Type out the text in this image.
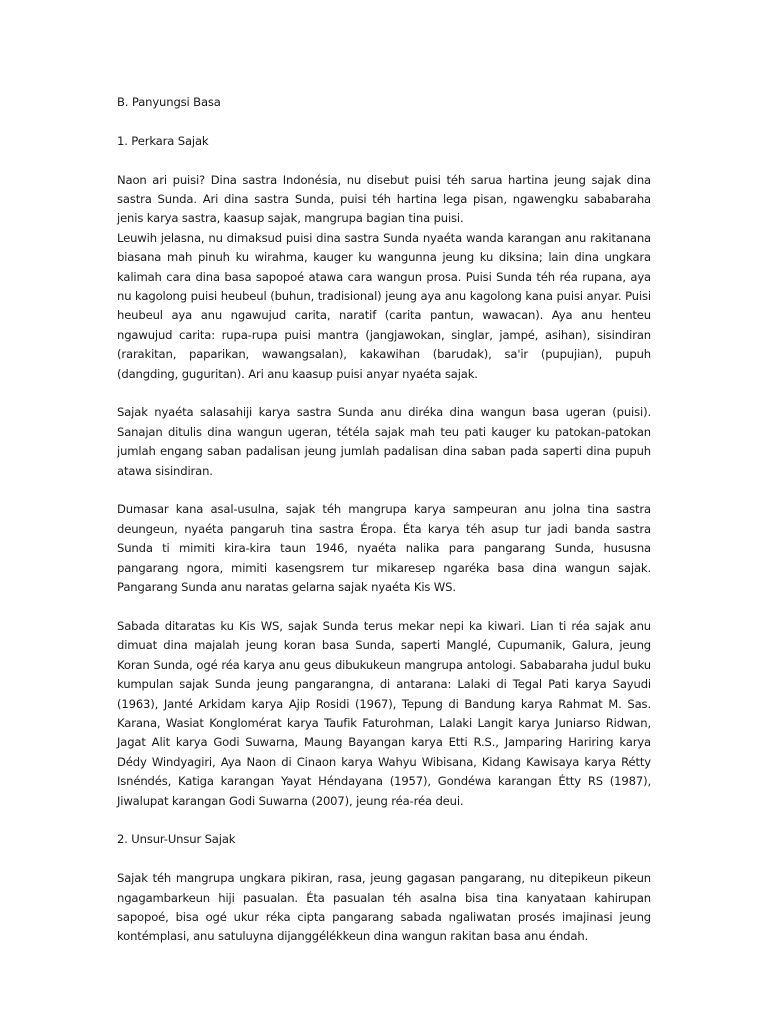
B. Panyungsi Basa
1. Perkara Sajak
Naon ari puisi? Dina sastra Indonésia, nu disebut puisi téh sarua hartina jeung sajak dina sastra Sunda. Ari dina sastra Sunda, puisi téh hartina lega pisan, ngawengku sababaraha jenis karya sastra, kaasup sajak, mangrupa bagian tina puisi.
Leuwih jelasna, nu dimaksud puisi dina sastra Sunda nyaéta wanda karangan anu rakitanana biasana mah pinuh ku wirahma, kauger ku wangunna jeung ku diksina; lain dina ungkara kalimah cara dina basa sapopoé atawa cara wangun prosa. Puisi Sunda téh réa rupana, aya nu kagolong puisi heubeul (buhun, tradisional) jeung aya anu kagolong kana puisi anyar. Puisi heubeul aya anu ngawujud carita, naratif (carita pantun, wawacan). Aya anu henteu ngawujud carita: rupa-rupa puisi mantra (jangjawokan, singlar, jampé, asihan), sisindiran (rarakitan, paparikan, wawangsalan), kakawihan (barudak), sa'ir (pupujian), pupuh (dangding, guguritan). Ari anu kaasup puisi anyar nyaéta sajak.
Sajak nyaéta salasahiji karya sastra Sunda anu diréka dina wangun basa ugeran (puisi). Sanajan ditulis dina wangun ugeran, tétéla sajak mah teu pati kauger ku patokan-patokan jumlah engang saban padalisan jeung jumlah padalisan dina saban pada saperti dina pupuh atawa sisindiran.
Dumasar kana asal-usulna, sajak téh mangrupa karya sampeuran anu jolna tina sastra deungeun, nyaéta pangaruh tina sastra Éropa. Éta karya téh asup tur jadi banda sastra Sunda ti mimiti kira-kira taun 1946, nyaéta nalika para pangarang Sunda, hususna pangarang ngora, mimiti kasengsrem tur mikaresep ngaréka basa dina wangun sajak. Pangarang Sunda anu naratas gelarna sajak nyaéta Kis WS.
Sabada ditaratas ku Kis WS, sajak Sunda terus mekar nepi ka kiwari. Lian ti réa sajak anu dimuat dina majalah jeung koran basa Sunda, saperti Manglé, Cupumanik, Galura, jeung Koran Sunda, ogé réa karya anu geus dibukukeun mangrupa antologi. Sababaraha judul buku kumpulan sajak Sunda jeung pangarangna, di antarana: Lalaki di Tegal Pati karya Sayudi (1963), Janté Arkidam karya Ajip Rosidi (1967), Tepung di Bandung karya Rahmat M. Sas. Karana, Wasiat Konglomérat karya Taufik Faturohman, Lalaki Langit karya Juniarso Ridwan, Jagat Alit karya Godi Suwarna, Maung Bayangan karya Etti R.S., Jamparing Hariring karya Dédy Windyagiri, Aya Naon di Cinaon karya Wahyu Wibisana, Kidang Kawisaya karya Rétty Isnéndés, Katiga karangan Yayat Héndayana (1957), Gondéwa karangan Étty RS (1987), Jiwalupat karangan Godi Suwarna (2007), jeung réa-réa deui.
2. Unsur-Unsur Sajak
Sajak téh mangrupa ungkara pikiran, rasa, jeung gagasan pangarang, nu ditepikeun pikeun ngagambarkeun hiji pasualan. Éta pasualan téh asalna bisa tina kanyataan kahirupan sapopoé, bisa ogé ukur réka cipta pangarang sabada ngaliwatan prosés imajinasi jeung kontémplasi, anu satuluyna dijanggélékkeun dina wangun rakitan basa anu éndah.
